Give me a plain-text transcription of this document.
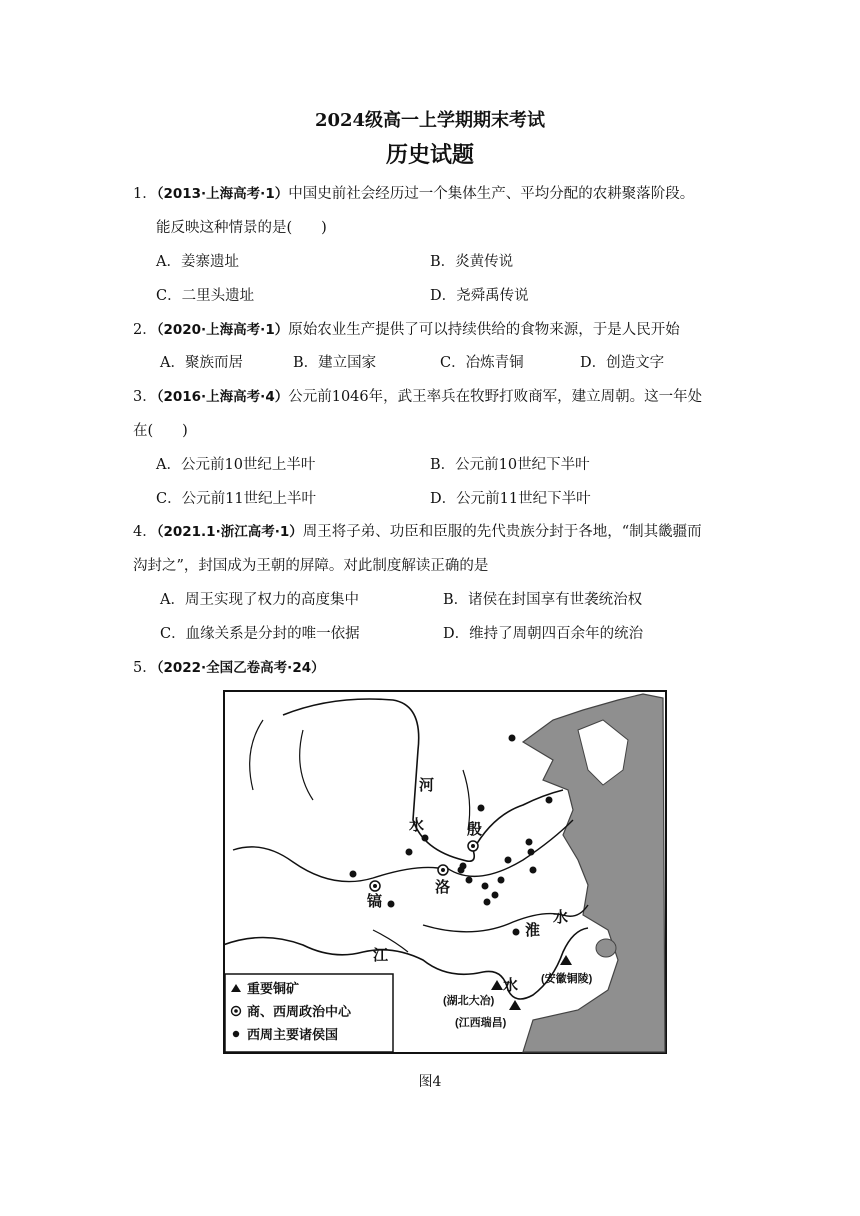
2024级高一上学期期末考试
历史试题
1．（2013·上海高考·1）中国史前社会经历过一个集体生产、平均分配的农耕聚落阶段。
能反映这种情景的是(　　)
A．姜寨遗址	B．炎黄传说
C．二里头遗址	D．尧舜禹传说
2．（2020·上海高考·1）原始农业生产提供了可以持续供给的食物来源，于是人民开始
A．聚族而居	B．建立国家	C．冶炼青铜	D．创造文字
3．（2016·上海高考·4）公元前1046年，武王率兵在牧野打败商军，建立周朝。这一年处
在(　　)
A．公元前10世纪上半叶	B．公元前10世纪下半叶
C．公元前11世纪上半叶	D．公元前11世纪下半叶
4．（2021.1·浙江高考·1）周王将子弟、功臣和臣服的先代贵族分封于各地，“制其畿疆而
沟封之”，封国成为王朝的屏障。对此制度解读正确的是
A．周王实现了权力的高度集中	B．诸侯在封国享有世袭统治权
C．血缘关系是分封的唯一依据	D．维持了周朝四百余年的统治
5．（2022·全国乙卷高考·24）
河
水	殷
洛
镐
江
水
淮
水
(湖北大冶)
(江西瑞昌)
(安徽铜陵)
重要铜矿
商、西周政治中心
西周主要诸侯国
图4
